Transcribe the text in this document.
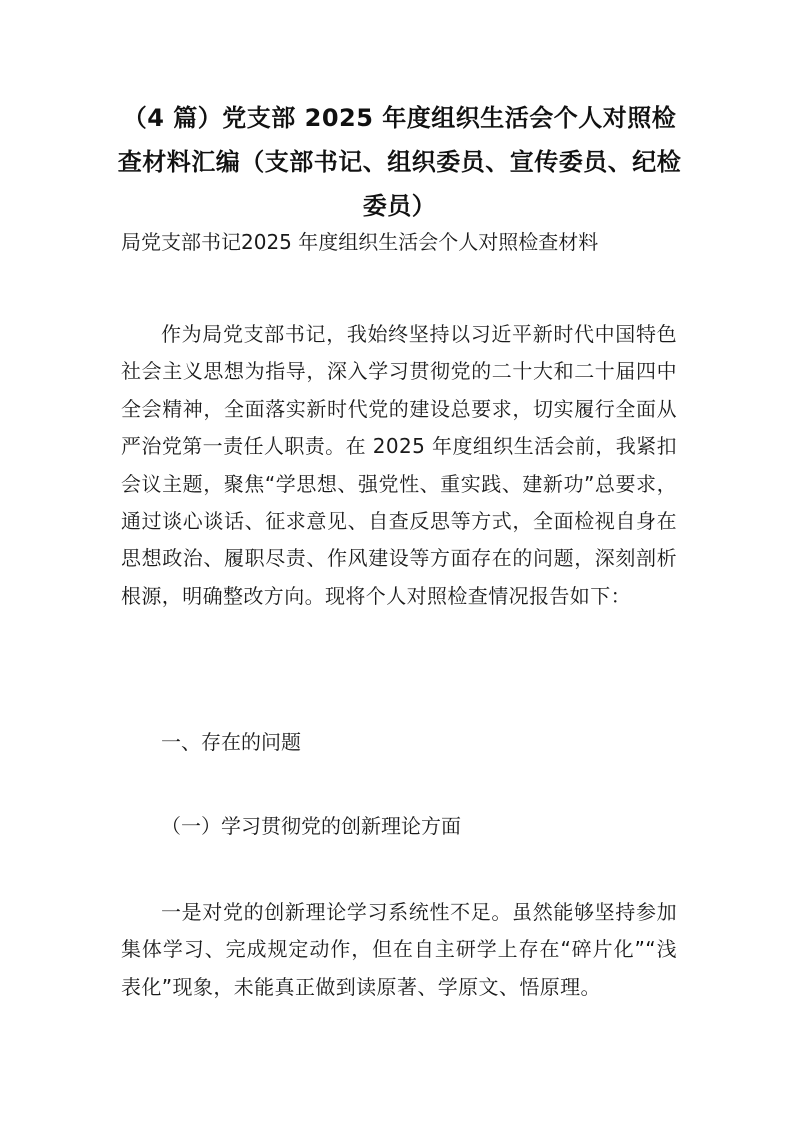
（4 篇）党支部 2025 年度组织生活会个人对照检查材料汇编（支部书记、组织委员、宣传委员、纪检委员）
局党支部书记2025 年度组织生活会个人对照检查材料

作为局党支部书记，我始终坚持以习近平新时代中国特色社会主义思想为指导，深入学习贯彻党的二十大和二十届四中全会精神，全面落实新时代党的建设总要求，切实履行全面从严治党第一责任人职责。在 2025 年度组织生活会前，我紧扣会议主题，聚焦“学思想、强党性、重实践、建新功”总要求，通过谈心谈话、征求意见、自查反思等方式，全面检视自身在思想政治、履职尽责、作风建设等方面存在的问题，深刻剖析根源，明确整改方向。现将个人对照检查情况报告如下：

一、存在的问题
（一）学习贯彻党的创新理论方面

一是对党的创新理论学习系统性不足。虽然能够坚持参加集体学习、完成规定动作，但在自主研学上存在“碎片化”“浅表化”现象，未能真正做到读原著、学原文、悟原理。
